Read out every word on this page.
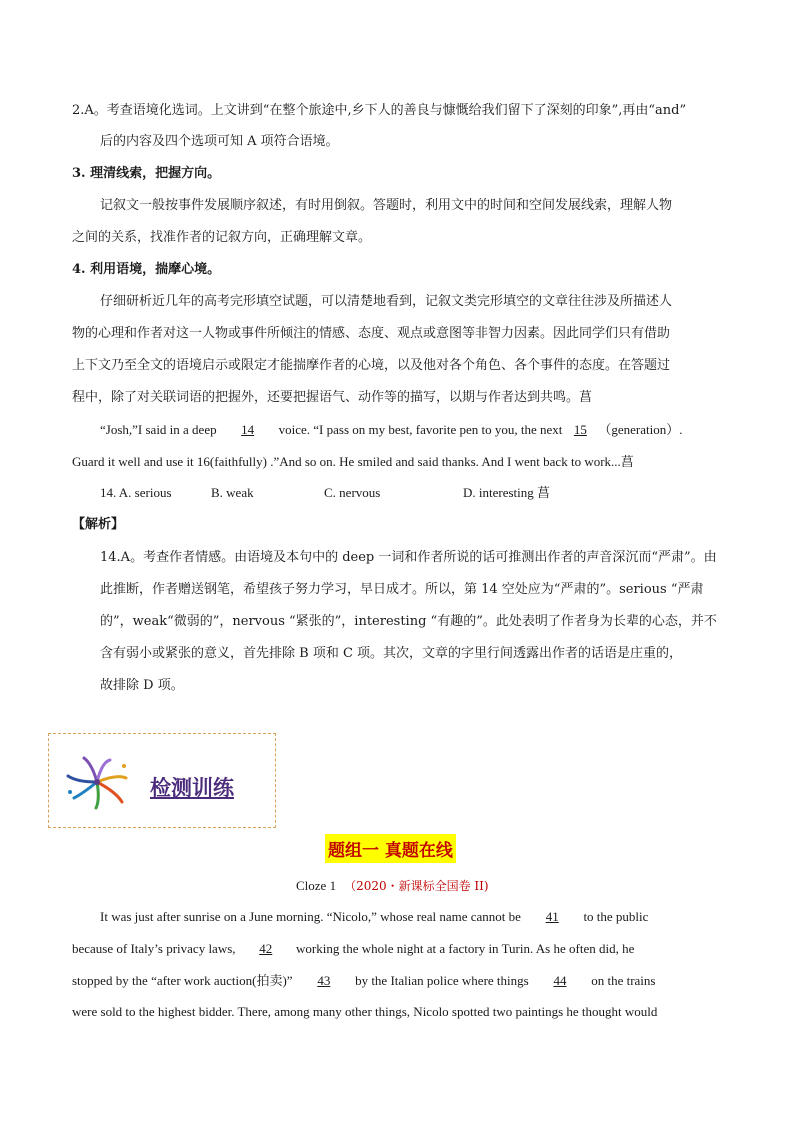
2.A。考查语境化选词。上文讲到“在整个旅途中,乡下人的善良与慷慨给我们留下了深刻的印象”,再由“and”
后的内容及四个选项可知 A 项符合语境。
3. 理清线索，把握方向。
记叙文一般按事件发展顺序叙述，有时用倒叙。答题时，利用文中的时间和空间发展线索，理解人物
之间的关系，找准作者的记叙方向，正确理解文章。
4. 利用语境，揣摩心境。
仔细研析近几年的高考完形填空试题，可以清楚地看到，记叙文类完形填空的文章往往涉及所描述人
物的心理和作者对这一人物或事件所倾注的情感、态度、观点或意图等非智力因素。因此同学们只有借助
上下文乃至全文的语境启示或限定才能揣摩作者的心境，以及他对各个角色、各个事件的态度。在答题过
程中，除了对关联词语的把握外，还要把握语气、动作等的描写，以期与作者达到共鸣。菖
“Josh,”I said in a deep 14 voice. “I pass on my best, favorite pen to you, the next 15 （generation）.
Guard it well and use it 16(faithfully) .”And so on. He smiled and said thanks. And I went back to work...菖
14. A. serious	B. weak	C. nervous	D. interesting 菖
【解析】
14.A。考查作者情感。由语境及本句中的 deep 一词和作者所说的话可推测出作者的声音深沉而“严肃”。由
此推断，作者赠送钢笔，希望孩子努力学习，早日成才。所以，第 14 空处应为“严肃的”。serious “严肃
的”，weak“微弱的”，nervous “紧张的”，interesting “有趣的”。此处表明了作者身为长辈的心态，并不
含有弱小或紧张的意义，首先排除 B 项和 C 项。其次，文章的字里行间透露出作者的话语是庄重的，
故排除 D 项。
检测训练
题组一 真题在线
Cloze 1 （2020・新课标全国卷 II)
It was just after sunrise on a June morning. “Nicolo,” whose real name cannot be 41 to the public
because of Italy’s privacy laws, 42 working the whole night at a factory in Turin. As he often did, he
stopped by the “after work auction(拍卖)” 43 by the Italian police where things 44 on the trains
were sold to the highest bidder. There, among many other things, Nicolo spotted two paintings he thought would
